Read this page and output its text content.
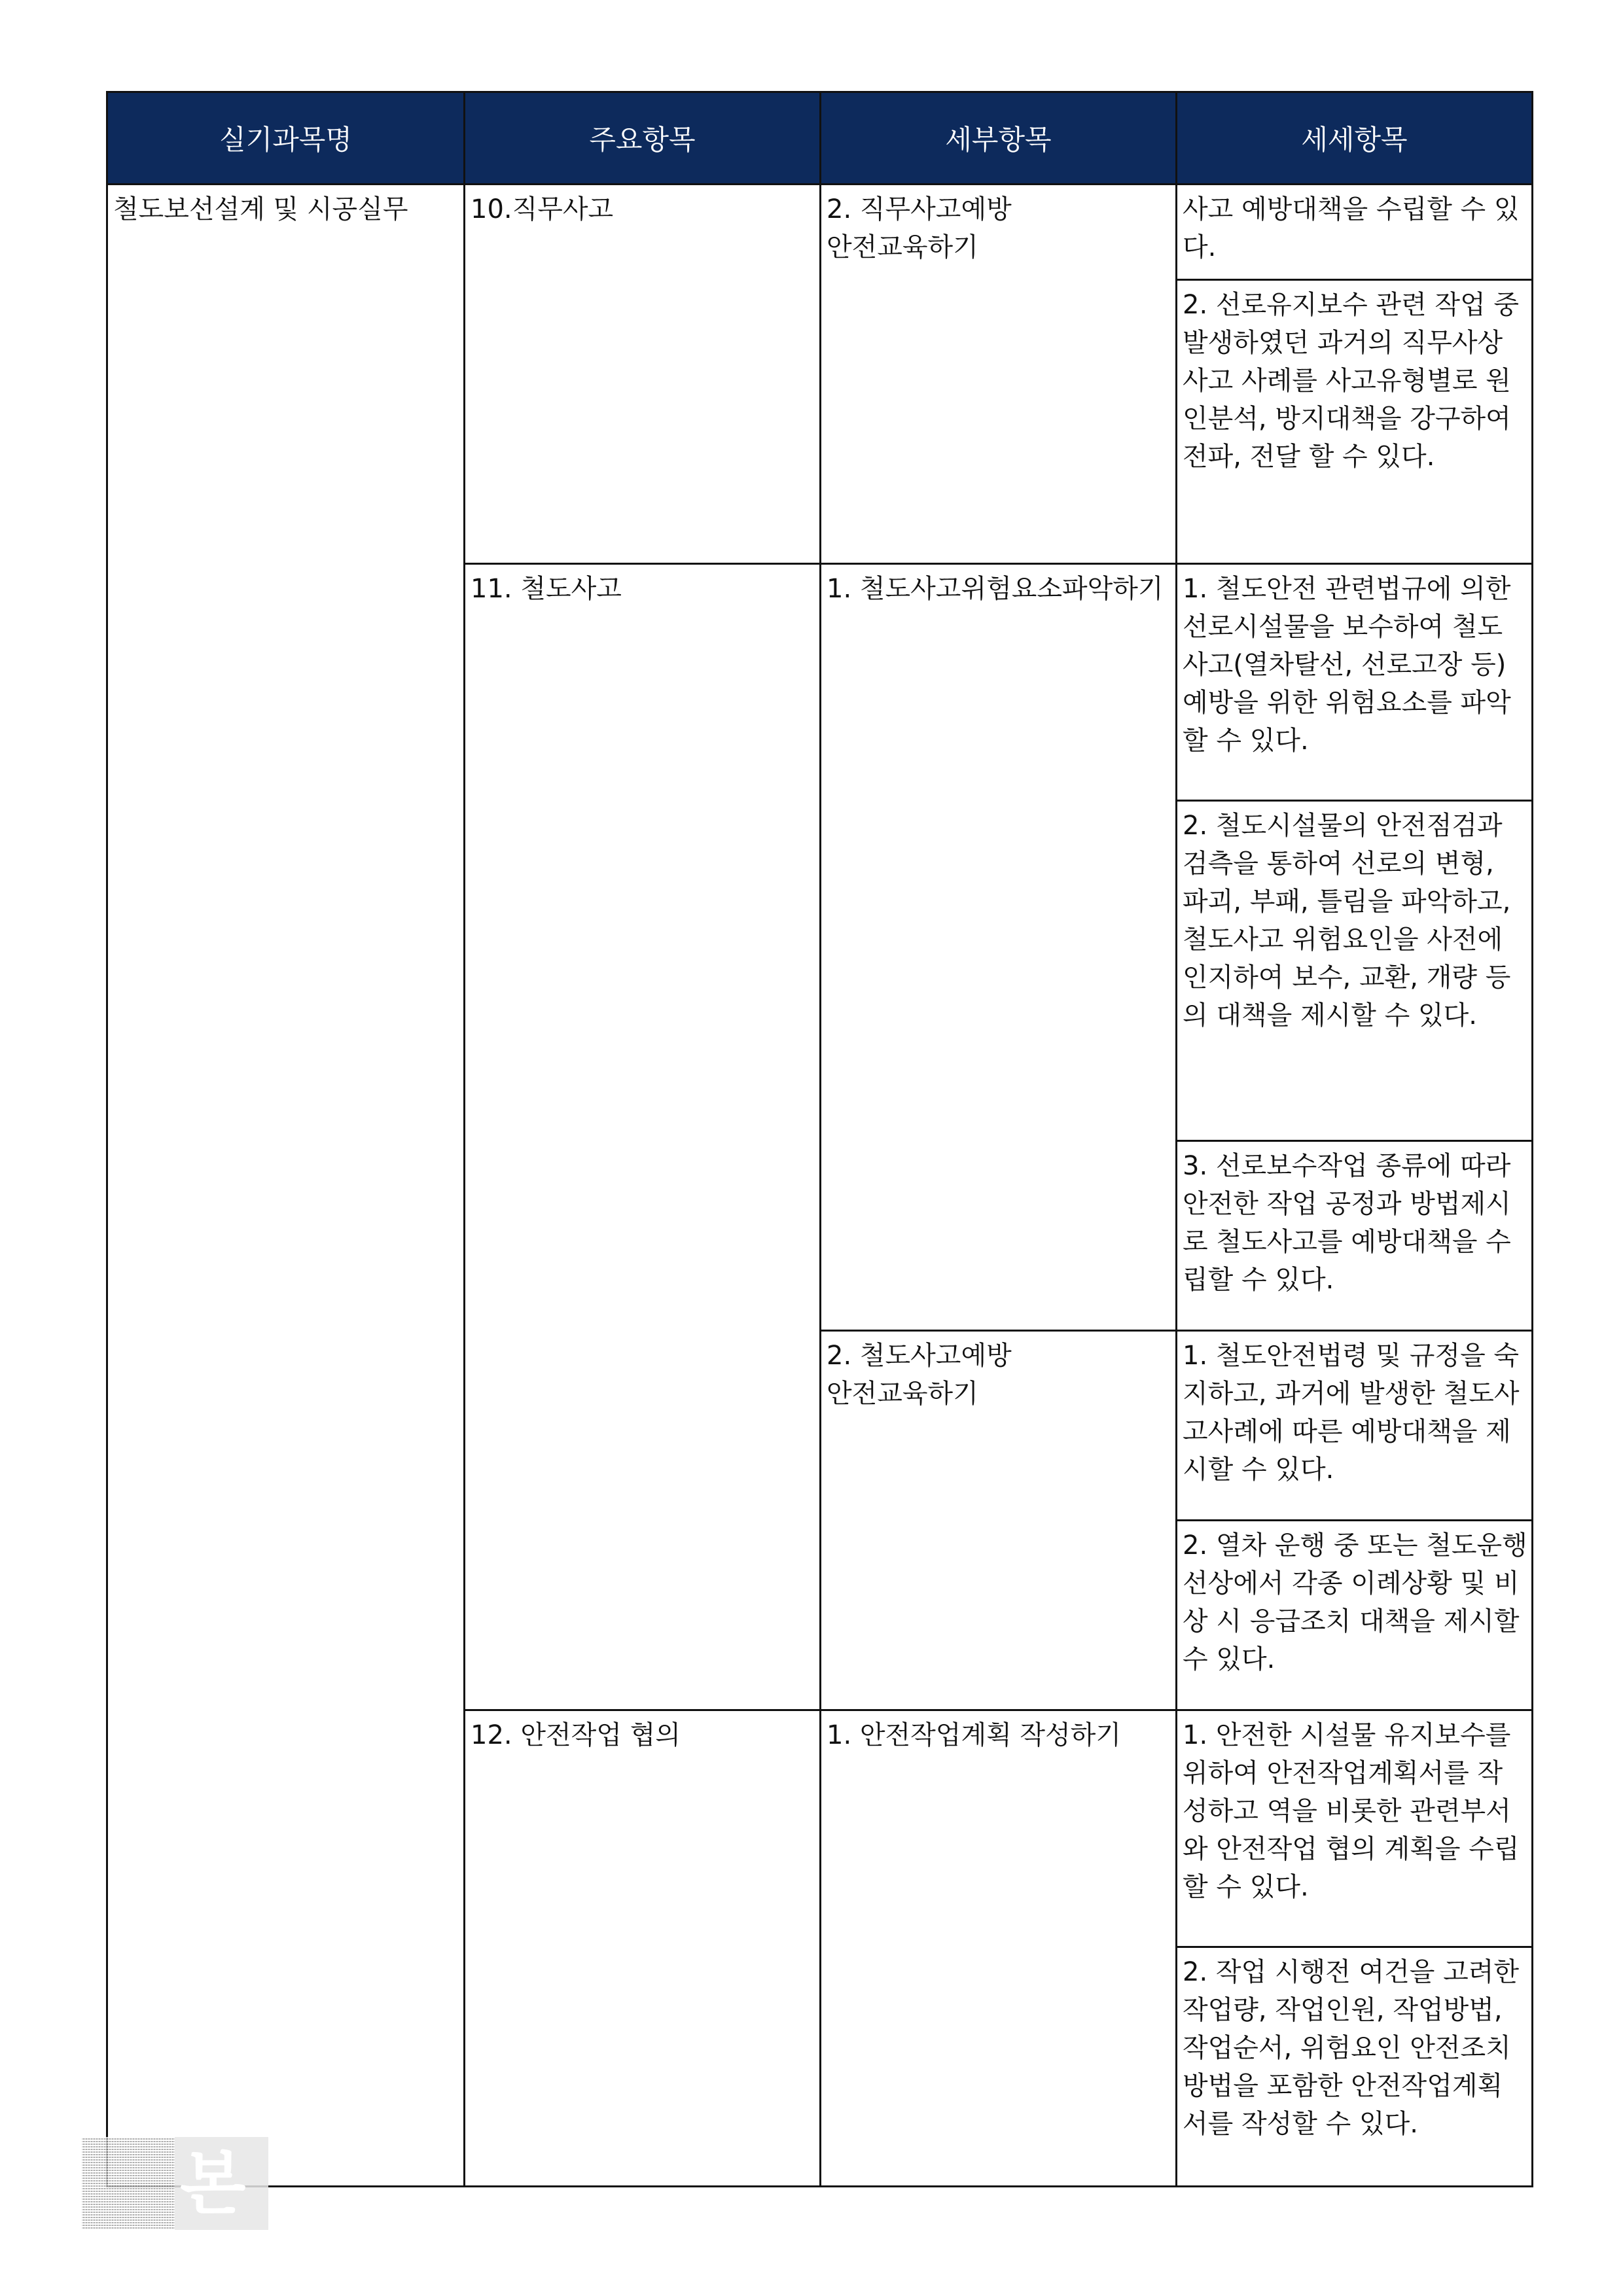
실기과목명	주요항목	세부항목	세세항목

철도보선설계 및 시공실무	10.직무사고	2. 직무사고예방 안전교육하기	사고 예방대책을 수립할 수 있다.

			2. 선로유지보수 관련 작업 중 발생하였던 과거의 직무사상사고 사례를 사고유형별로 원인분석, 방지대책을 강구하여 전파, 전달 할 수 있다.

	11. 철도사고	1. 철도사고위험요소파악하기	1. 철도안전 관련법규에 의한 선로시설물을 보수하여 철도사고(열차탈선, 선로고장 등) 예방을 위한 위험요소를 파악할 수 있다.

			2. 철도시설물의 안전점검과 검측을 통하여 선로의 변형, 파괴, 부패, 틀림을 파악하고, 철도사고 위험요인을 사전에 인지하여 보수, 교환, 개량 등의 대책을 제시할 수 있다.

			3. 선로보수작업 종류에 따라 안전한 작업 공정과 방법제시로 철도사고를 예방대책을 수립할 수 있다.

		2. 철도사고예방 안전교육하기	1. 철도안전법령 및 규정을 숙지하고, 과거에 발생한 철도사고사례에 따른 예방대책을 제시할 수 있다.

			2. 열차 운행 중 또는 철도운행선상에서 각종 이례상황 및 비상 시 응급조치 대책을 제시할 수 있다.

	12. 안전작업 협의	1. 안전작업계획 작성하기	1. 안전한 시설물 유지보수를 위하여 안전작업계획서를 작성하고 역을 비롯한 관련부서와 안전작업 협의 계획을 수립 할 수 있다.

			2. 작업 시행전 여건을 고려한 작업량, 작업인원, 작업방법, 작업순서, 위험요인 안전조치 방법을 포함한 안전작업계획서를 작성할 수 있다.
본
